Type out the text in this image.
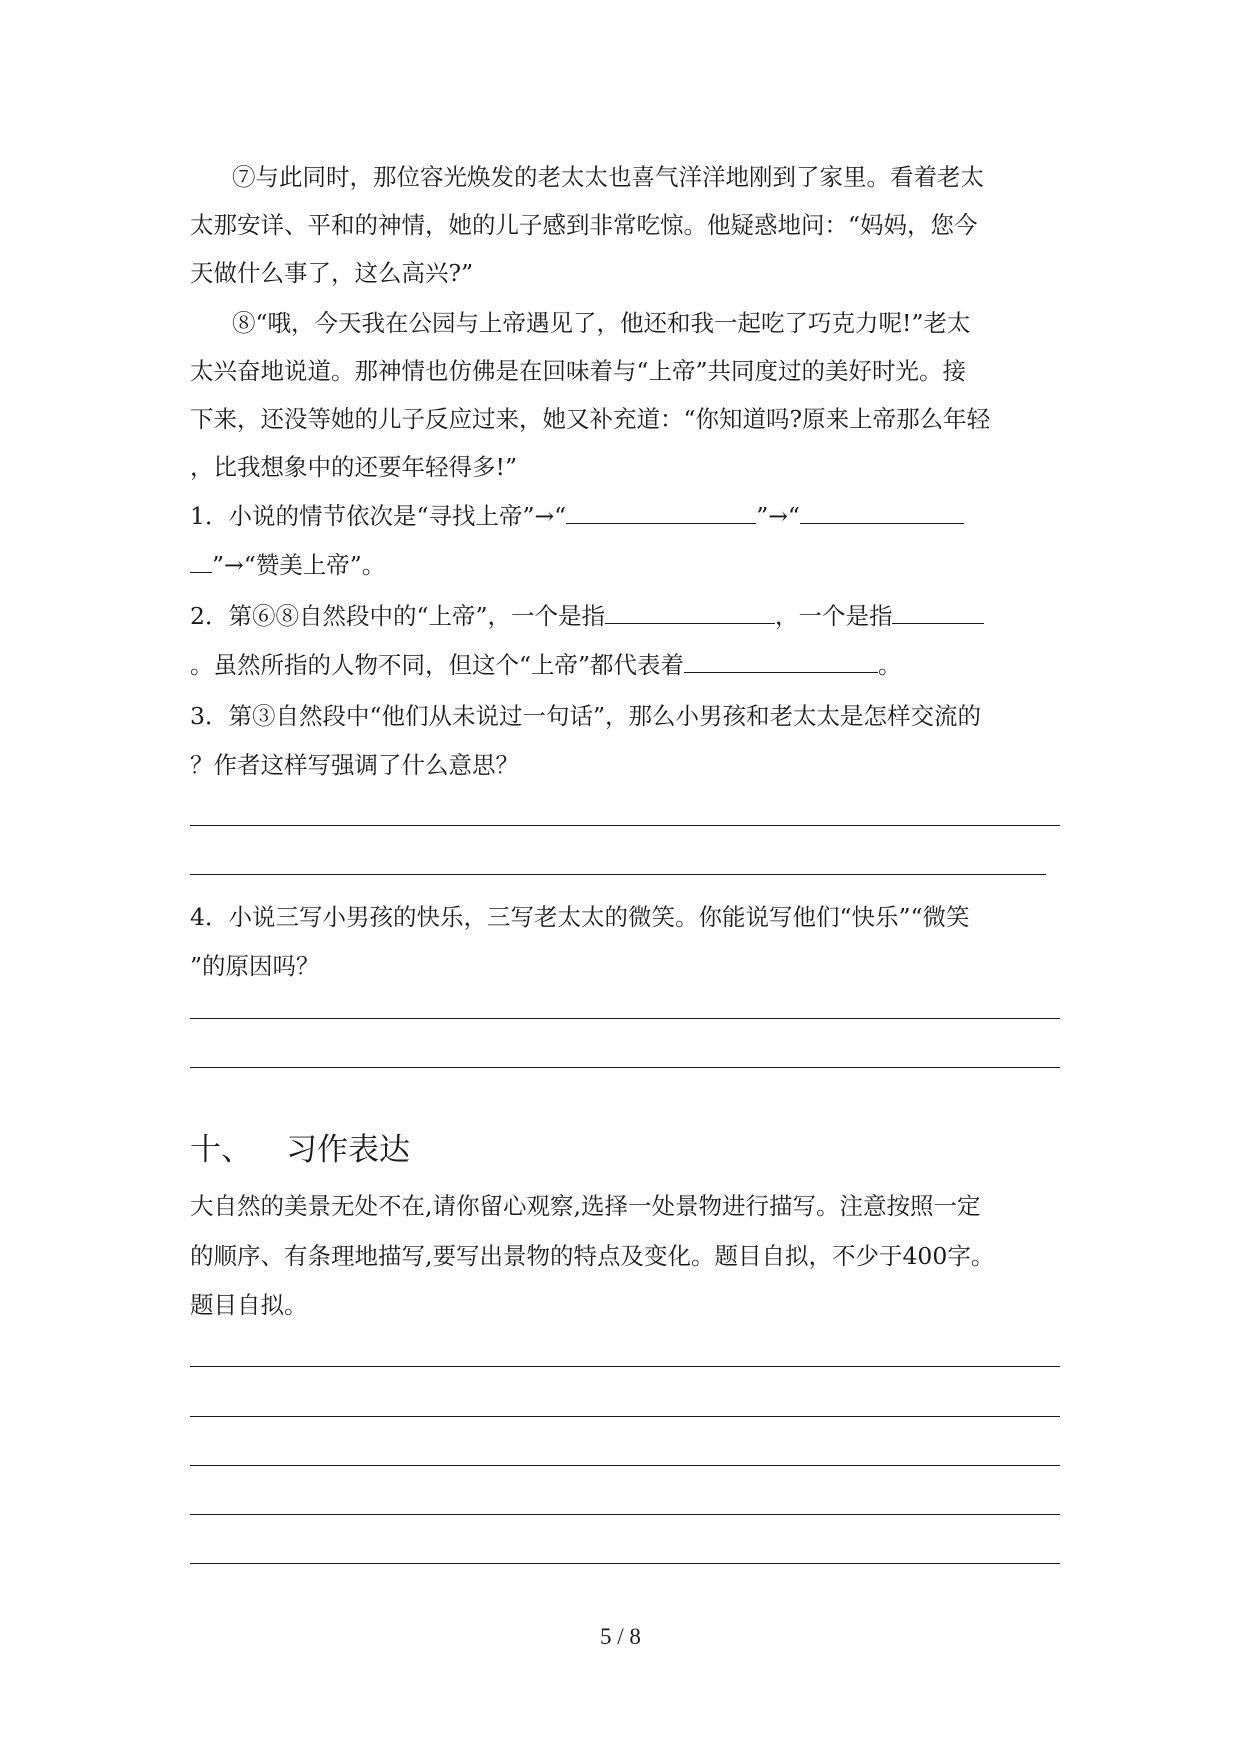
⑦与此同时，那位容光焕发的老太太也喜气洋洋地刚到了家里。看着老太
太那安详、平和的神情，她的儿子感到非常吃惊。他疑惑地问：“妈妈，您今
天做什么事了，这么高兴?”
⑧“哦，今天我在公园与上帝遇见了，他还和我一起吃了巧克力呢!”老太
太兴奋地说道。那神情也仿佛是在回味着与“上帝”共同度过的美好时光。接
下来，还没等她的儿子反应过来，她又补充道：“你知道吗?原来上帝那么年轻
，比我想象中的还要年轻得多!”
1．小说的情节依次是“寻找上帝”→“	”→“
”→“赞美上帝”。
2．第⑥⑧自然段中的“上帝”，一个是指	，一个是指
。虽然所指的人物不同，但这个“上帝”都代表着	。
3．第③自然段中“他们从未说过一句话”，那么小男孩和老太太是怎样交流的
？作者这样写强调了什么意思？
4．小说三写小男孩的快乐，三写老太太的微笑。你能说写他们“快乐”“微笑
”的原因吗？
十、 习作表达
大自然的美景无处不在,请你留心观察,选择一处景物进行描写。注意按照一定
的顺序、有条理地描写,要写出景物的特点及变化。题目自拟，不少于400字。
题目自拟。
5 / 8
